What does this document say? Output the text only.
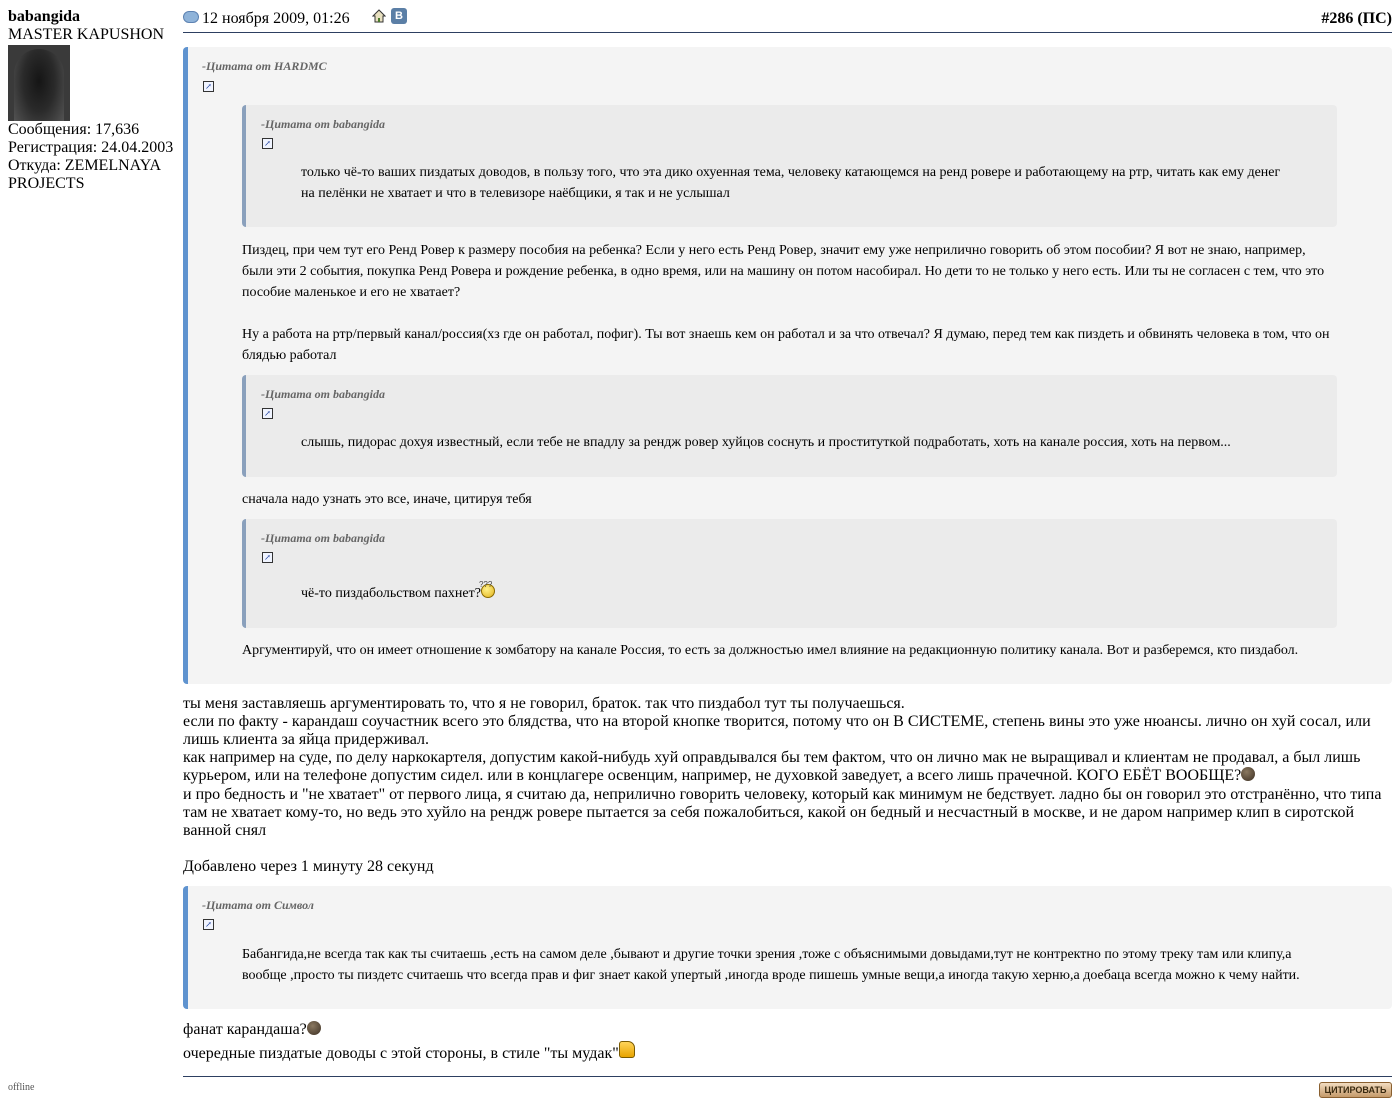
babangida
MASTER KAPUSHON
Сообщения: 17,636
Регистрация: 24.04.2003
Откуда: ZEMELNAYA
PROJECTS
offline
12 ноября 2009, 01:26	В	#286 (ПС)
-Цитата от HARDMC
↗
-Цитата от babangida
↗
только чё-то ваших пиздатых доводов, в пользу того, что эта дико охуенная тема, человеку катающемся на ренд ровере и работающему на ртр, читать как ему денег
на пелёнки не хватает и что в телевизоре наёбщики, я так и не услышал
Пиздец, при чем тут его Ренд Ровер к размеру пособия на ребенка? Если у него есть Ренд Ровер, значит ему уже неприлично говорить об этом пособии? Я вот не знаю, например,
были эти 2 события, покупка Ренд Ровера и рождение ребенка, в одно время, или на машину он потом насобирал. Но дети то не только у него есть. Или ты не согласен с тем, что это
пособие маленькое и его не хватает?
Ну а работа на ртр/первый канал/россия(хз где он работал, пофиг). Ты вот знаешь кем он работал и за что отвечал? Я думаю, перед тем как пиздеть и обвинять человека в том, что он
блядью работал
-Цитата от babangida
↗
слышь, пидорас дохуя известный, если тебе не впадлу за рендж ровер хуйцов соснуть и проституткой подработать, хоть на канале россия, хоть на первом...
сначала надо узнать это все, иначе, цитируя тебя
-Цитата от babangida
↗
чё-то пиздабольством пахнет?
???
Аргументируй, что он имеет отношение к зомбатору на канале Россия, то есть за должностью имел влияние на редакционную политику канала. Вот и разберемся, кто пиздабол.
ты меня заставляешь аргументировать то, что я не говорил, браток. так что пиздабол тут ты получаешься.
если по факту - карандаш соучастник всего это блядства, что на второй кнопке творится, потому что он В СИСТЕМЕ, степень вины это уже нюансы. лично он хуй сосал, или
лишь клиента за яйца придерживал.
как например на суде, по делу наркокартеля, допустим какой-нибудь хуй оправдывался бы тем фактом, что он лично мак не выращивал и клиентам не продавал, а был лишь
курьером, или на телефоне допустим сидел. или в концлагере освенцим, например, не духовкой заведует, а всего лишь прачечной. КОГО ЕБЁТ ВООБЩЕ?
и про бедность и "не хватает" от первого лица, я считаю да, неприлично говорить человеку, который как минимум не бедствует. ладно бы он говорил это отстранённо, что типа
там не хватает кому-то, но ведь это хуйло на рендж ровере пытается за себя пожалобиться, какой он бедный и несчастный в москве, и не даром например клип в сиротской
ванной снял
Добавлено через 1 минуту 28 секунд
-Цитата от Символ
↗
Бабангида,не всегда так как ты считаешь ,есть на самом деле ,бывают и другие точки зрения ,тоже с объяснимыми довыдами,тут не контректно по этому треку там или клипу,а
вообще ,просто ты пиздетс считаешь что всегда прав и фиг знает какой упертый ,иногда вроде пишешь умные вещи,а иногда такую херню,а доебаца всегда можно к чему найти.
фанат карандаша?
очередные пиздатые доводы с этой стороны, в стиле "ты мудак"
ЦИТИРОВАТЬ
